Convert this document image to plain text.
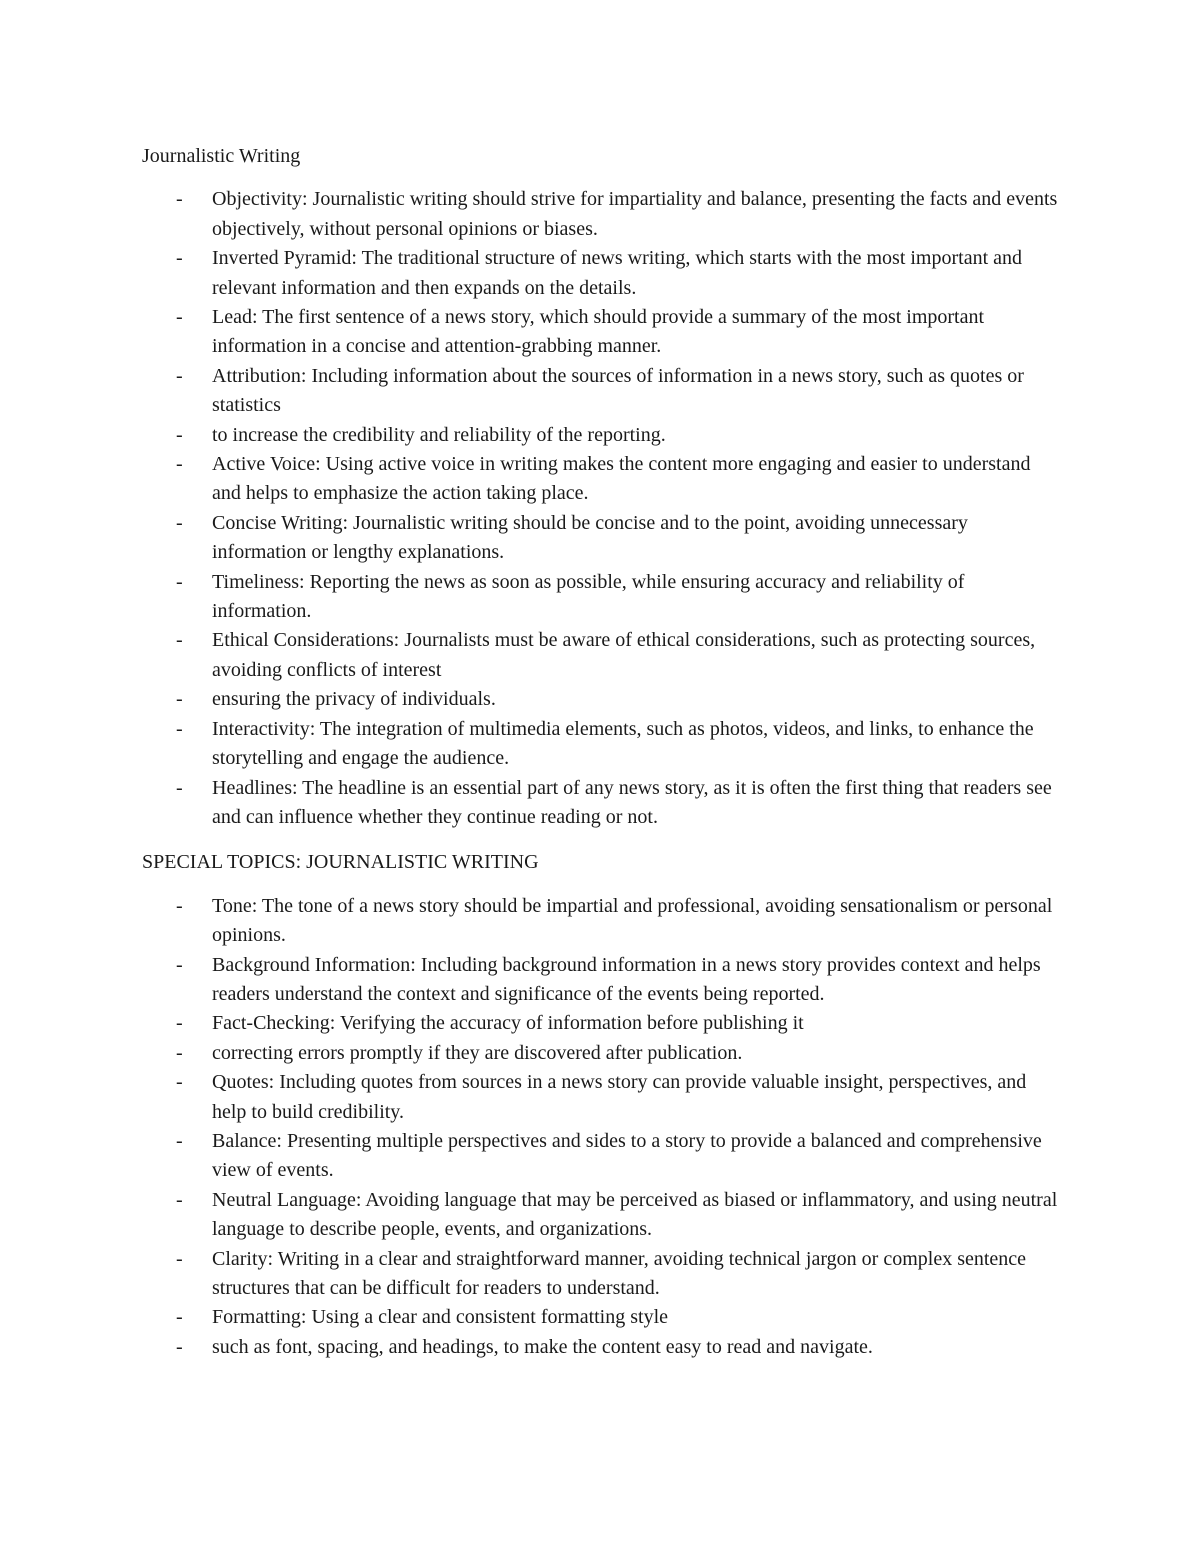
Journalistic Writing
- Objectivity: Journalistic writing should strive for impartiality and balance, presenting the facts and events objectively, without personal opinions or biases.
- Inverted Pyramid: The traditional structure of news writing, which starts with the most important and relevant information and then expands on the details.
- Lead: The first sentence of a news story, which should provide a summary of the most important information in a concise and attention-grabbing manner.
- Attribution: Including information about the sources of information in a news story, such as quotes or statistics
- to increase the credibility and reliability of the reporting.
- Active Voice: Using active voice in writing makes the content more engaging and easier to understand and helps to emphasize the action taking place.
- Concise Writing: Journalistic writing should be concise and to the point, avoiding unnecessary information or lengthy explanations.
- Timeliness: Reporting the news as soon as possible, while ensuring accuracy and reliability of information.
- Ethical Considerations: Journalists must be aware of ethical considerations, such as protecting sources, avoiding conflicts of interest
- ensuring the privacy of individuals.
- Interactivity: The integration of multimedia elements, such as photos, videos, and links, to enhance the storytelling and engage the audience.
- Headlines: The headline is an essential part of any news story, as it is often the first thing that readers see and can influence whether they continue reading or not.
SPECIAL TOPICS: JOURNALISTIC WRITING
- Tone: The tone of a news story should be impartial and professional, avoiding sensationalism or personal opinions.
- Background Information: Including background information in a news story provides context and helps readers understand the context and significance of the events being reported.
- Fact-Checking: Verifying the accuracy of information before publishing it
- correcting errors promptly if they are discovered after publication.
- Quotes: Including quotes from sources in a news story can provide valuable insight, perspectives, and help to build credibility.
- Balance: Presenting multiple perspectives and sides to a story to provide a balanced and comprehensive view of events.
- Neutral Language: Avoiding language that may be perceived as biased or inflammatory, and using neutral language to describe people, events, and organizations.
- Clarity: Writing in a clear and straightforward manner, avoiding technical jargon or complex sentence structures that can be difficult for readers to understand.
- Formatting: Using a clear and consistent formatting style
- such as font, spacing, and headings, to make the content easy to read and navigate.
